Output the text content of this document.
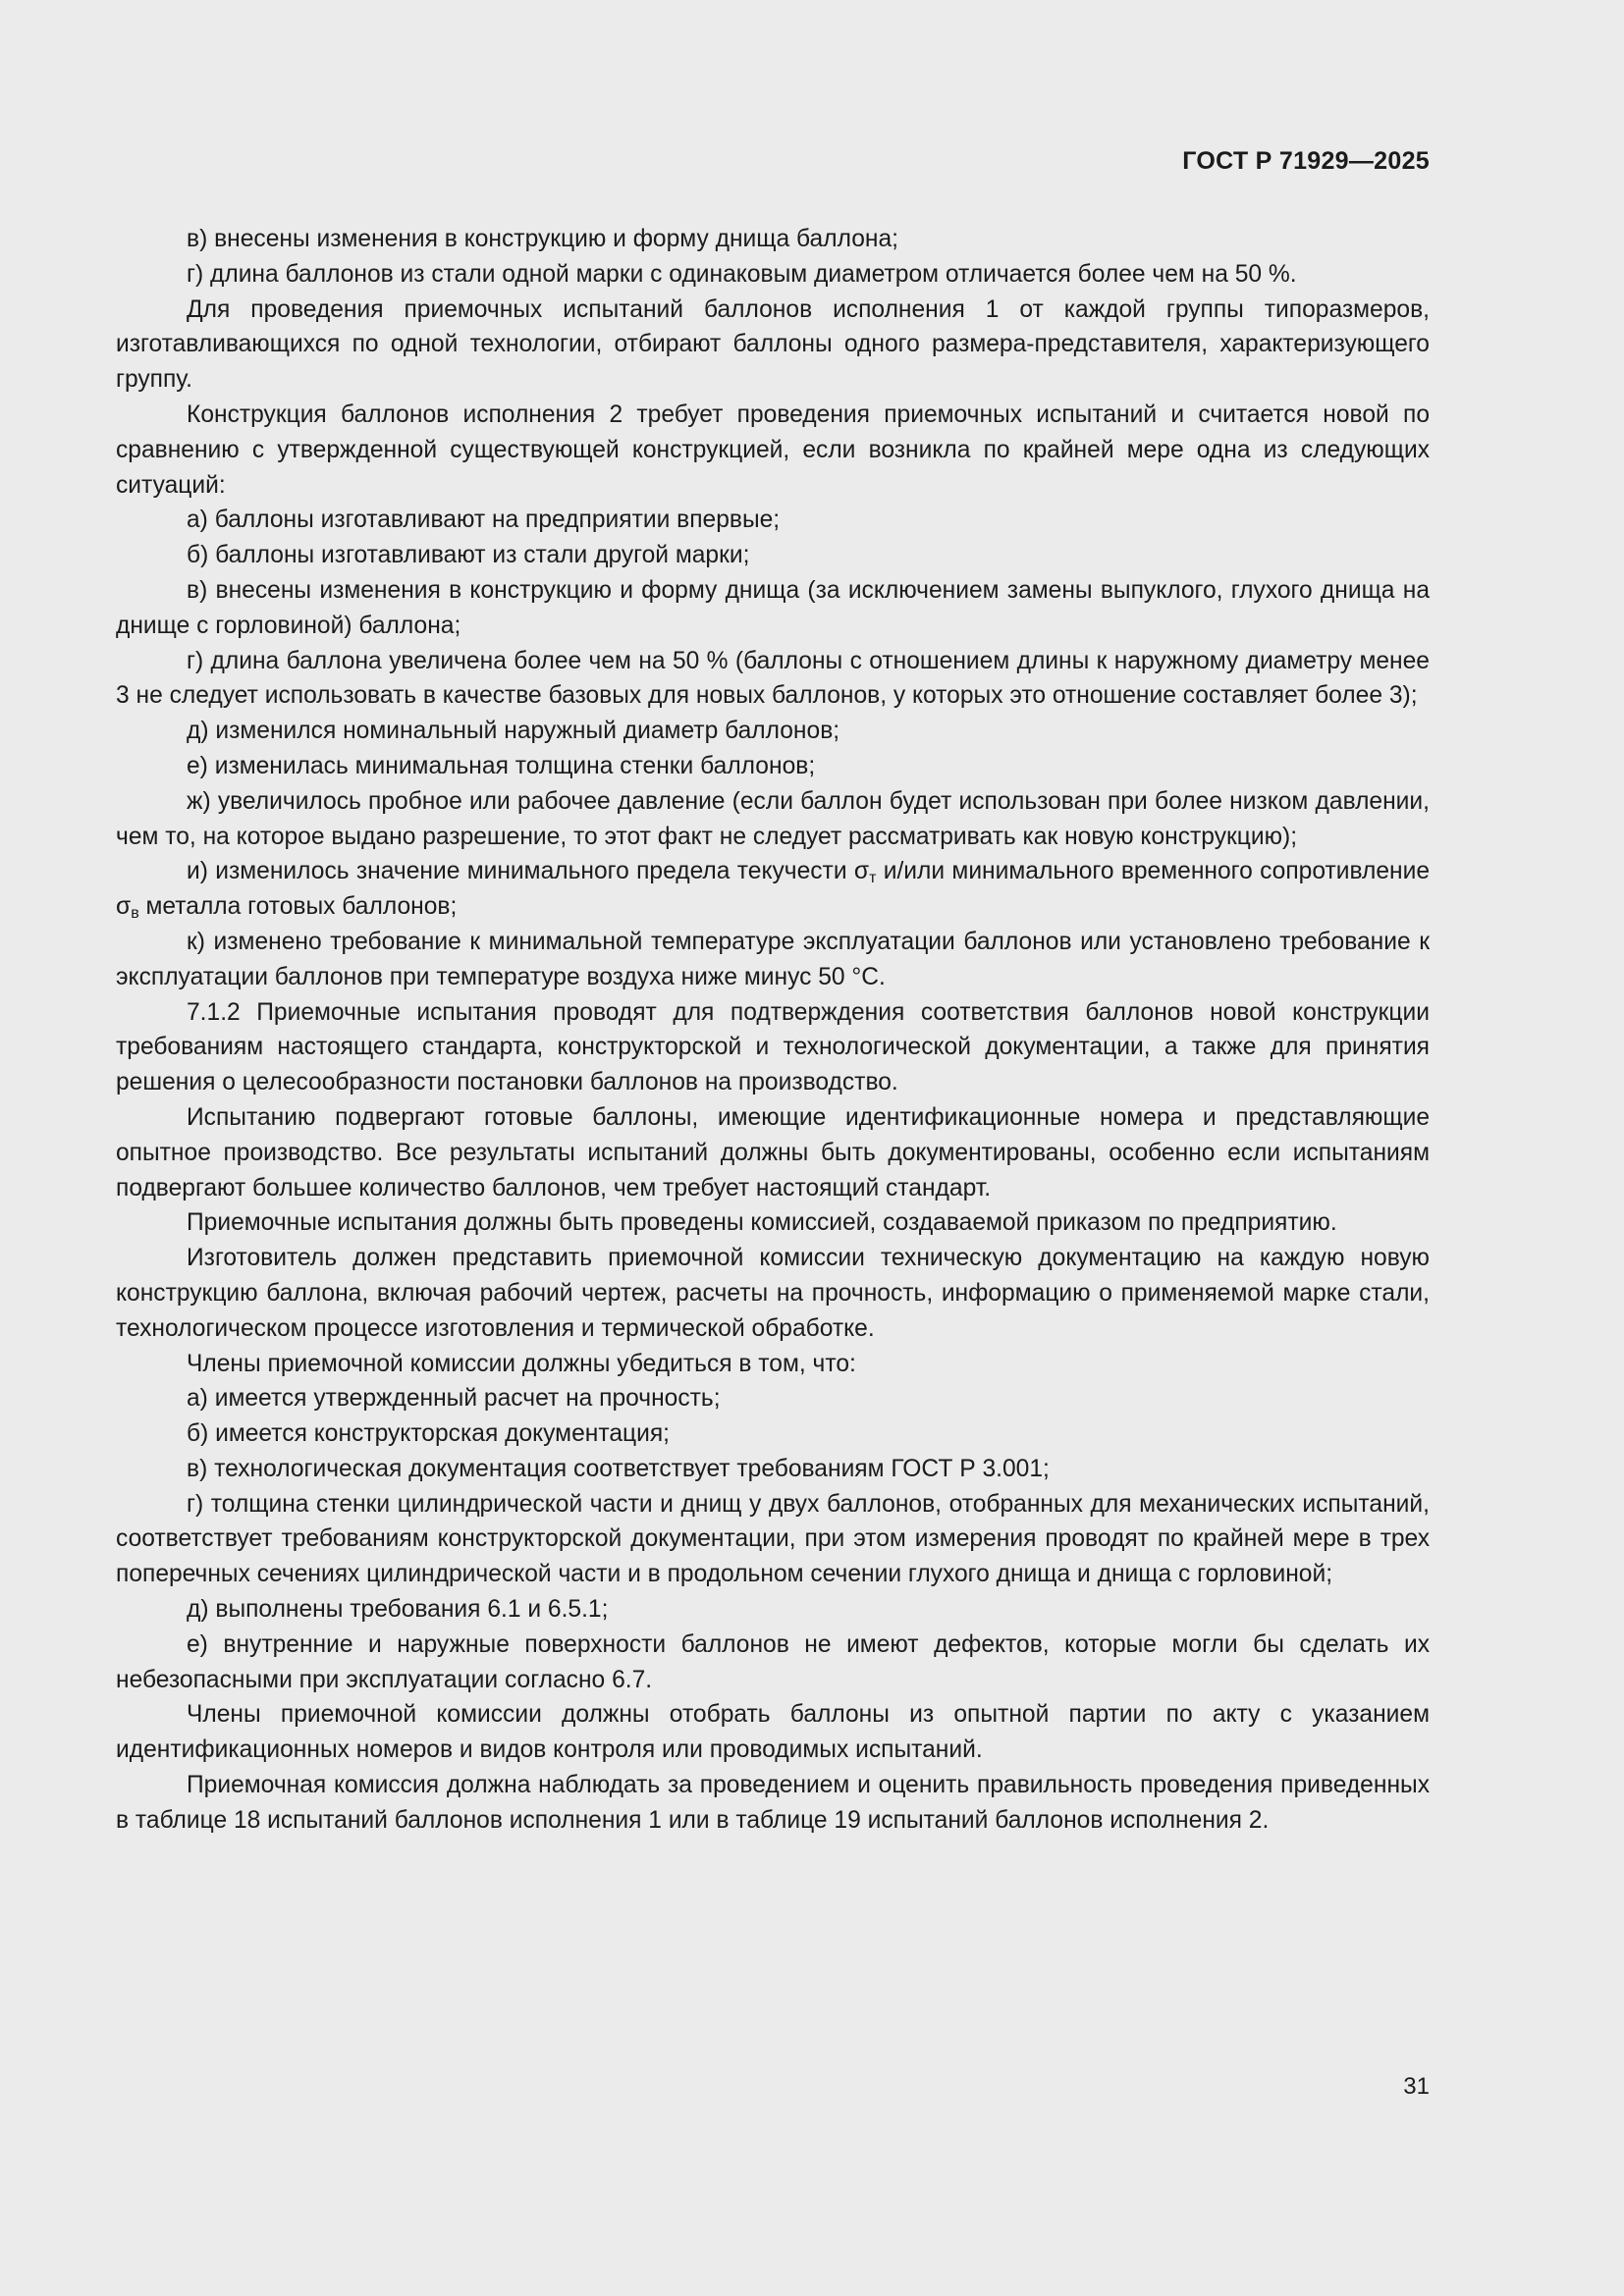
ГОСТ Р 71929—2025

в) внесены изменения в конструкцию и форму днища баллона;

г) длина баллонов из стали одной марки с одинаковым диаметром отличается более чем на 50 %.

Для проведения приемочных испытаний баллонов исполнения 1 от каждой группы типоразмеров, изготавливающихся по одной технологии, отбирают баллоны одного размера-представителя, характеризующего группу.

Конструкция баллонов исполнения 2 требует проведения приемочных испытаний и считается новой по сравнению с утвержденной существующей конструкцией, если возникла по крайней мере одна из следующих ситуаций:

а) баллоны изготавливают на предприятии впервые;

б) баллоны изготавливают из стали другой марки;

в) внесены изменения в конструкцию и форму днища (за исключением замены выпуклого, глухого днища на днище с горловиной) баллона;

г) длина баллона увеличена более чем на 50 % (баллоны с отношением длины к наружному диаметру менее 3 не следует использовать в качестве базовых для новых баллонов, у которых это отношение составляет более 3);

д) изменился номинальный наружный диаметр баллонов;

е) изменилась минимальная толщина стенки баллонов;

ж) увеличилось пробное или рабочее давление (если баллон будет использован при более низком давлении, чем то, на которое выдано разрешение, то этот факт не следует рассматривать как новую конструкцию);

и) изменилось значение минимального предела текучести $\sigma_т$ и/или минимального временного сопротивление $\sigma_в$ металла готовых баллонов;

к) изменено требование к минимальной температуре эксплуатации баллонов или установлено требование к эксплуатации баллонов при температуре воздуха ниже минус 50 °С.

7.1.2 Приемочные испытания проводят для подтверждения соответствия баллонов новой конструкции требованиям настоящего стандарта, конструкторской и технологической документации, а также для принятия решения о целесообразности постановки баллонов на производство.

Испытанию подвергают готовые баллоны, имеющие идентификационные номера и представляющие опытное производство. Все результаты испытаний должны быть документированы, особенно если испытаниям подвергают большее количество баллонов, чем требует настоящий стандарт.

Приемочные испытания должны быть проведены комиссией, создаваемой приказом по предприятию.

Изготовитель должен представить приемочной комиссии техническую документацию на каждую новую конструкцию баллона, включая рабочий чертеж, расчеты на прочность, информацию о применяемой марке стали, технологическом процессе изготовления и термической обработке.

Члены приемочной комиссии должны убедиться в том, что:

а) имеется утвержденный расчет на прочность;

б) имеется конструкторская документация;

в) технологическая документация соответствует требованиям ГОСТ Р 3.001;

г) толщина стенки цилиндрической части и днищ у двух баллонов, отобранных для механических испытаний, соответствует требованиям конструкторской документации, при этом измерения проводят по крайней мере в трех поперечных сечениях цилиндрической части и в продольном сечении глухого днища и днища с горловиной;

д) выполнены требования 6.1 и 6.5.1;

е) внутренние и наружные поверхности баллонов не имеют дефектов, которые могли бы сделать их небезопасными при эксплуатации согласно 6.7.

Члены приемочной комиссии должны отобрать баллоны из опытной партии по акту с указанием идентификационных номеров и видов контроля или проводимых испытаний.

Приемочная комиссия должна наблюдать за проведением и оценить правильность проведения приведенных в таблице 18 испытаний баллонов исполнения 1 или в таблице 19 испытаний баллонов исполнения 2.

31
